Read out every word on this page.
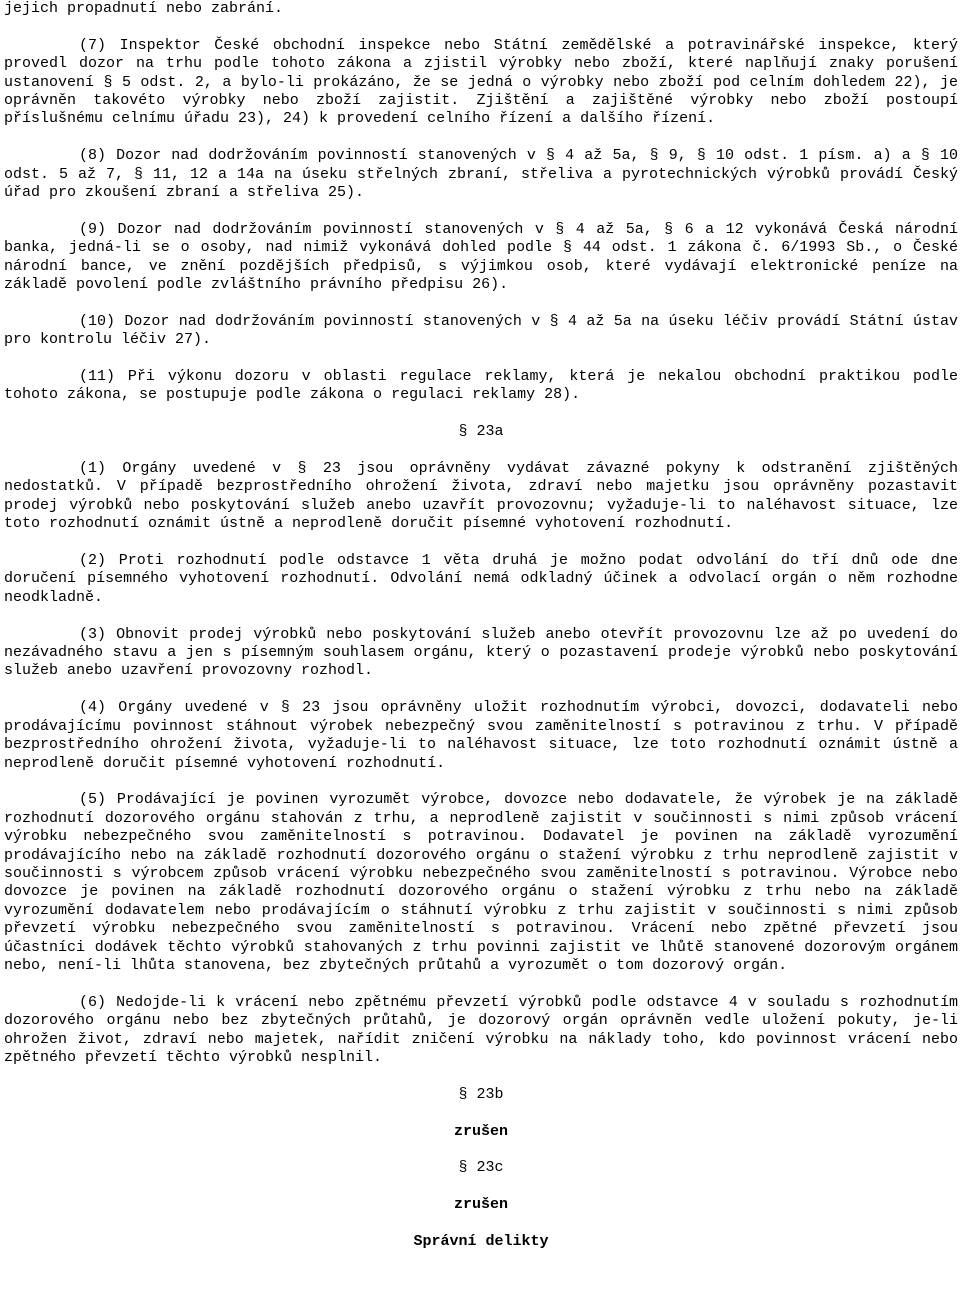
jejich propadnutí nebo zabrání.

(7) Inspektor České obchodní inspekce nebo Státní zemědělské a potravinářské inspekce, který provedl dozor na trhu podle tohoto zákona a zjistil výrobky nebo zboží, které naplňují znaky porušení ustanovení § 5 odst. 2, a bylo-li prokázáno, že se jedná o výrobky nebo zboží pod celním dohledem 22), je oprávněn takovéto výrobky nebo zboží zajistit. Zjištění a zajištěné výrobky nebo zboží postoupí příslušnému celnímu úřadu 23), 24) k provedení celního řízení a dalšího řízení.

(8) Dozor nad dodržováním povinností stanovených v § 4 až 5a, § 9, § 10 odst. 1 písm. a) a § 10 odst. 5 až 7, § 11, 12 a 14a na úseku střelných zbraní, střeliva a pyrotechnických výrobků provádí Český úřad pro zkoušení zbraní a střeliva 25).

(9) Dozor nad dodržováním povinností stanovených v § 4 až 5a, § 6 a 12 vykonává Česká národní banka, jedná-li se o osoby, nad nimiž vykonává dohled podle § 44 odst. 1 zákona č. 6/1993 Sb., o České národní bance, ve znění pozdějších předpisů, s výjimkou osob, které vydávají elektronické peníze na základě povolení podle zvláštního právního předpisu 26).

(10) Dozor nad dodržováním povinností stanovených v § 4 až 5a na úseku léčiv provádí Státní ústav pro kontrolu léčiv 27).

(11) Při výkonu dozoru v oblasti regulace reklamy, která je nekalou obchodní praktikou podle tohoto zákona, se postupuje podle zákona o regulaci reklamy 28).

§ 23a

(1) Orgány uvedené v § 23 jsou oprávněny vydávat závazné pokyny k odstranění zjištěných nedostatků. V případě bezprostředního ohrožení života, zdraví nebo majetku jsou oprávněny pozastavit prodej výrobků nebo poskytování služeb anebo uzavřít provozovnu; vyžaduje-li to naléhavost situace, lze toto rozhodnutí oznámit ústně a neprodleně doručit písemné vyhotovení rozhodnutí.

(2) Proti rozhodnutí podle odstavce 1 věta druhá je možno podat odvolání do tří dnů ode dne doručení písemného vyhotovení rozhodnutí. Odvolání nemá odkladný účinek a odvolací orgán o něm rozhodne neodkladně.

(3) Obnovit prodej výrobků nebo poskytování služeb anebo otevřít provozovnu lze až po uvedení do nezávadného stavu a jen s písemným souhlasem orgánu, který o pozastavení prodeje výrobků nebo poskytování služeb anebo uzavření provozovny rozhodl.

(4) Orgány uvedené v § 23 jsou oprávněny uložit rozhodnutím výrobci, dovozci, dodavateli nebo prodávajícímu povinnost stáhnout výrobek nebezpečný svou zaměnitelností s potravinou z trhu. V případě bezprostředního ohrožení života, vyžaduje-li to naléhavost situace, lze toto rozhodnutí oznámit ústně a neprodleně doručit písemné vyhotovení rozhodnutí.

(5) Prodávající je povinen vyrozumět výrobce, dovozce nebo dodavatele, že výrobek je na základě rozhodnutí dozorového orgánu stahován z trhu, a neprodleně zajistit v součinnosti s nimi způsob vrácení výrobku nebezpečného svou zaměnitelností s potravinou. Dodavatel je povinen na základě vyrozumění prodávajícího nebo na základě rozhodnutí dozorového orgánu o stažení výrobku z trhu neprodleně zajistit v součinnosti s výrobcem způsob vrácení výrobku nebezpečného svou zaměnitelností s potravinou. Výrobce nebo dovozce je povinen na základě rozhodnutí dozorového orgánu o stažení výrobku z trhu nebo na základě vyrozumění dodavatelem nebo prodávajícím o stáhnutí výrobku z trhu zajistit v součinnosti s nimi způsob převzetí výrobku nebezpečného svou zaměnitelností s potravinou. Vrácení nebo zpětné převzetí jsou účastníci dodávek těchto výrobků stahovaných z trhu povinni zajistit ve lhůtě stanovené dozorovým orgánem nebo, není-li lhůta stanovena, bez zbytečných průtahů a vyrozumět o tom dozorový orgán.

(6) Nedojde-li k vrácení nebo zpětnému převzetí výrobků podle odstavce 4 v souladu s rozhodnutím dozorového orgánu nebo bez zbytečných průtahů, je dozorový orgán oprávněn vedle uložení pokuty, je-li ohrožen život, zdraví nebo majetek, nařídit zničení výrobku na náklady toho, kdo povinnost vrácení nebo zpětného převzetí těchto výrobků nesplnil.

§ 23b

zrušen

§ 23c

zrušen

Správní delikty
